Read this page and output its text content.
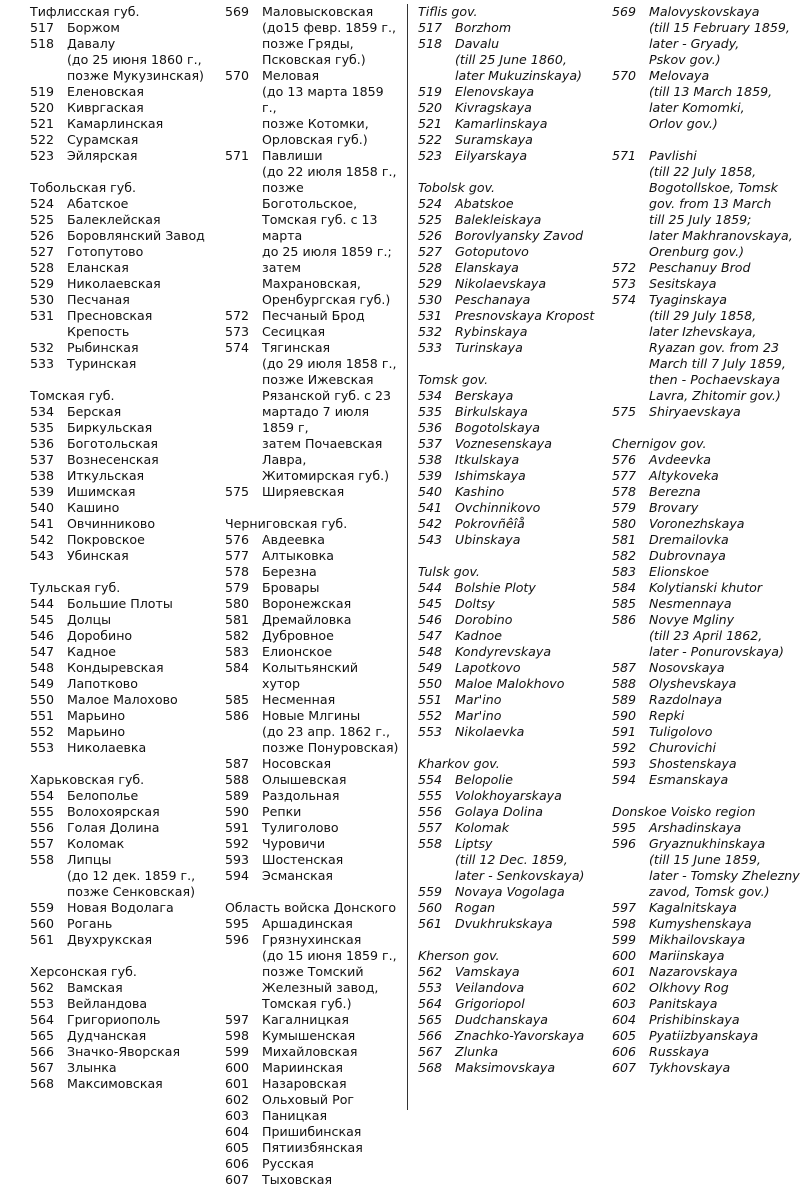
Тифлисская губ.
517	Боржом
518	Давалу
(до 25 июня 1860 г.,
позже Мукузинская)
519	Еленовская
520	Кивргаская
521	Камарлинская
522	Сурамская
523	Эйлярская
Тобольская губ.
524	Абатское
525	Балеклейская
526	Боровлянский Завод
527	Готопутово
528	Еланская
529	Николаевская
530	Песчаная
531	Пресновская
Крепость
532	Рыбинская
533	Туринская
Томская губ.
534	Берская
535	Биркульская
536	Боготольская
537	Вознесенская
538	Иткульская
539	Ишимская
540	Кашино
541	Овчинниково
542	Покровское
543	Убинская
Тульская губ.
544	Большие Плоты
545	Долцы
546	Доробино
547	Кадное
548	Кондыревская
549	Лапотково
550	Малое Малохово
551	Марьино
552	Марьино
553	Николаевка
Харьковская губ.
554	Белополье
555	Волохоярская
556	Голая Долина
557	Коломак
558	Липцы
(до 12 дек. 1859 г.,
позже Сенковская)
559	Новая Водолага
560	Рогань
561	Двухрукская
Херсонская губ.
562	Вамская
553	Вейландова
564	Григориополь
565	Дудчанская
566	Значко-Яворская
567	Злынка
568	Максимовская
569	Маловысковская
(до15 февр. 1859 г.,
позже Гряды,
Псковская губ.)
570	Меловая
(до 13 марта 1859 г.,
позже Котомки,
Орловская губ.)
571	Павлиши
(до 22 июля 1858 г.,
позже Боготольское,
Томская губ. с 13 марта
до 25 июля 1859 г.;
затем Махрановская,
Оренбургская губ.)
572	Песчаный Брод
573	Сесицкая
574	Тягинская
(до 29 июля 1858 г.,
позже Ижевская
Рязанской губ. с 23
мартадо 7 июля 1859 г,
затем Почаевская
Лавра,
Житомирская губ.)
575	Ширяевская
Черниговская губ.
576	Авдеевка
577	Алтыковка
578	Березна
579	Бровары
580	Воронежская
581	Дремайловка
582	Дубровное
583	Елионское
584	Колытьянский хутор
585	Несменная
586	Новые Млгины
(до 23 апр. 1862 г.,
позже Понуровская)
587	Носовская
588	Олышевская
589	Раздольная
590	Репки
591	Тулиголово
592	Чуровичи
593	Шостенская
594	Эсманская
Область войска Донского
595	Аршадинская
596	Грязнухинская
(до 15 июня 1859 г.,
позже Томский
Железный завод,
Томская губ.)
597	Кагалницкая
598	Кумышенская
599	Михайловская
600	Мариинская
601	Назаровская
602	Ольховый Рог
603	Паницкая
604	Пришибинская
605	Пятиизбянская
606	Русская
607	Тыховская
Tiflis gov.
517	Borzhom
518	Davalu
(till 25 June 1860,
later Mukuzinskaya)
519	Elenovskaya
520	Kivragskaya
521	Kamarlinskaya
522	Suramskaya
523	Eilyarskaya
Tobolsk gov.
524	Abatskoe
525	Balekleiskaya
526	Borovlyansky Zavod
527	Gotoputovo
528	Elanskaya
529	Nikolaevskaya
530	Peschanaya
531	Presnovskaya Kropost
532	Rybinskaya
533	Turinskaya
Tomsk gov.
534	Berskaya
535	Birkulskaya
536	Bogotolskaya
537	Voznesenskaya
538	Itkulskaya
539	Ishimskaya
540	Kashino
541	Ovchinnikovo
542	Pokrovñêîå
543	Ubinskaya
Tulsk gov.
544	Bolshie Ploty
545	Doltsy
546	Dorobino
547	Kadnoe
548	Kondyrevskaya
549	Lapotkovo
550	Maloe Malokhovo
551	Mar'ino
552	Mar'ino
553	Nikolaevka
Kharkov gov.
554	Belopolie
555	Volokhoyarskaya
556	Golaya Dolina
557	Kolomak
558	Liptsy
(till 12 Dec. 1859,
later - Senkovskaya)
559	Novaya Vogolaga
560	Rogan
561	Dvukhrukskaya
Kherson gov.
562	Vamskaya
553	Veilandova
564	Grigoriopol
565	Dudchanskaya
566	Znachko-Yavorskaya
567	Zlunka
568	Maksimovskaya
569	Malovyskovskaya
(till 15 February 1859,
later - Gryady,
Pskov gov.)
570	Melovaya
(till 13 March 1859,
later Komomki,
Orlov gov.)
571	Pavlishi
(till 22 July 1858,
Bogotollskoe, Tomsk
gov. from 13 March
till 25 July 1859;
later Makhranovskaya,
Orenburg gov.)
572	Peschanuy Brod
573	Sesitskaya
574	Tyaginskaya
(till 29 July 1858,
later Izhevskaya,
Ryazan gov. from 23
March till 7 July 1859,
then - Pochaevskaya
Lavra, Zhitomir gov.)
575	Shiryaevskaya
Chernigov gov.
576	Avdeevka
577	Altykoveka
578	Berezna
579	Brovary
580	Voronezhskaya
581	Dremailovka
582	Dubrovnaya
583	Elionskoe
584	Kolytianski khutor
585	Nesmennaya
586	Novye Mgliny
(till 23 April 1862,
later - Ponurovskaya)
587	Nosovskaya
588	Olyshevskaya
589	Razdolnaya
590	Repki
591	Tuligolovo
592	Churovichi
593	Shostenskaya
594	Esmanskaya
Donskoe Voisko region
595	Arshadinskaya
596	Gryaznukhinskaya
(till 15 June 1859,
later - Tomsky Zhelezny
zavod, Tomsk gov.)
597	Kagalnitskaya
598	Kumyshenskaya
599	Mikhailovskaya
600	Mariinskaya
601	Nazarovskaya
602	Olkhovy Rog
603	Panitskaya
604	Prishibinskaya
605	Pyatiizbyanskaya
606	Russkaya
607	Tykhovskaya
